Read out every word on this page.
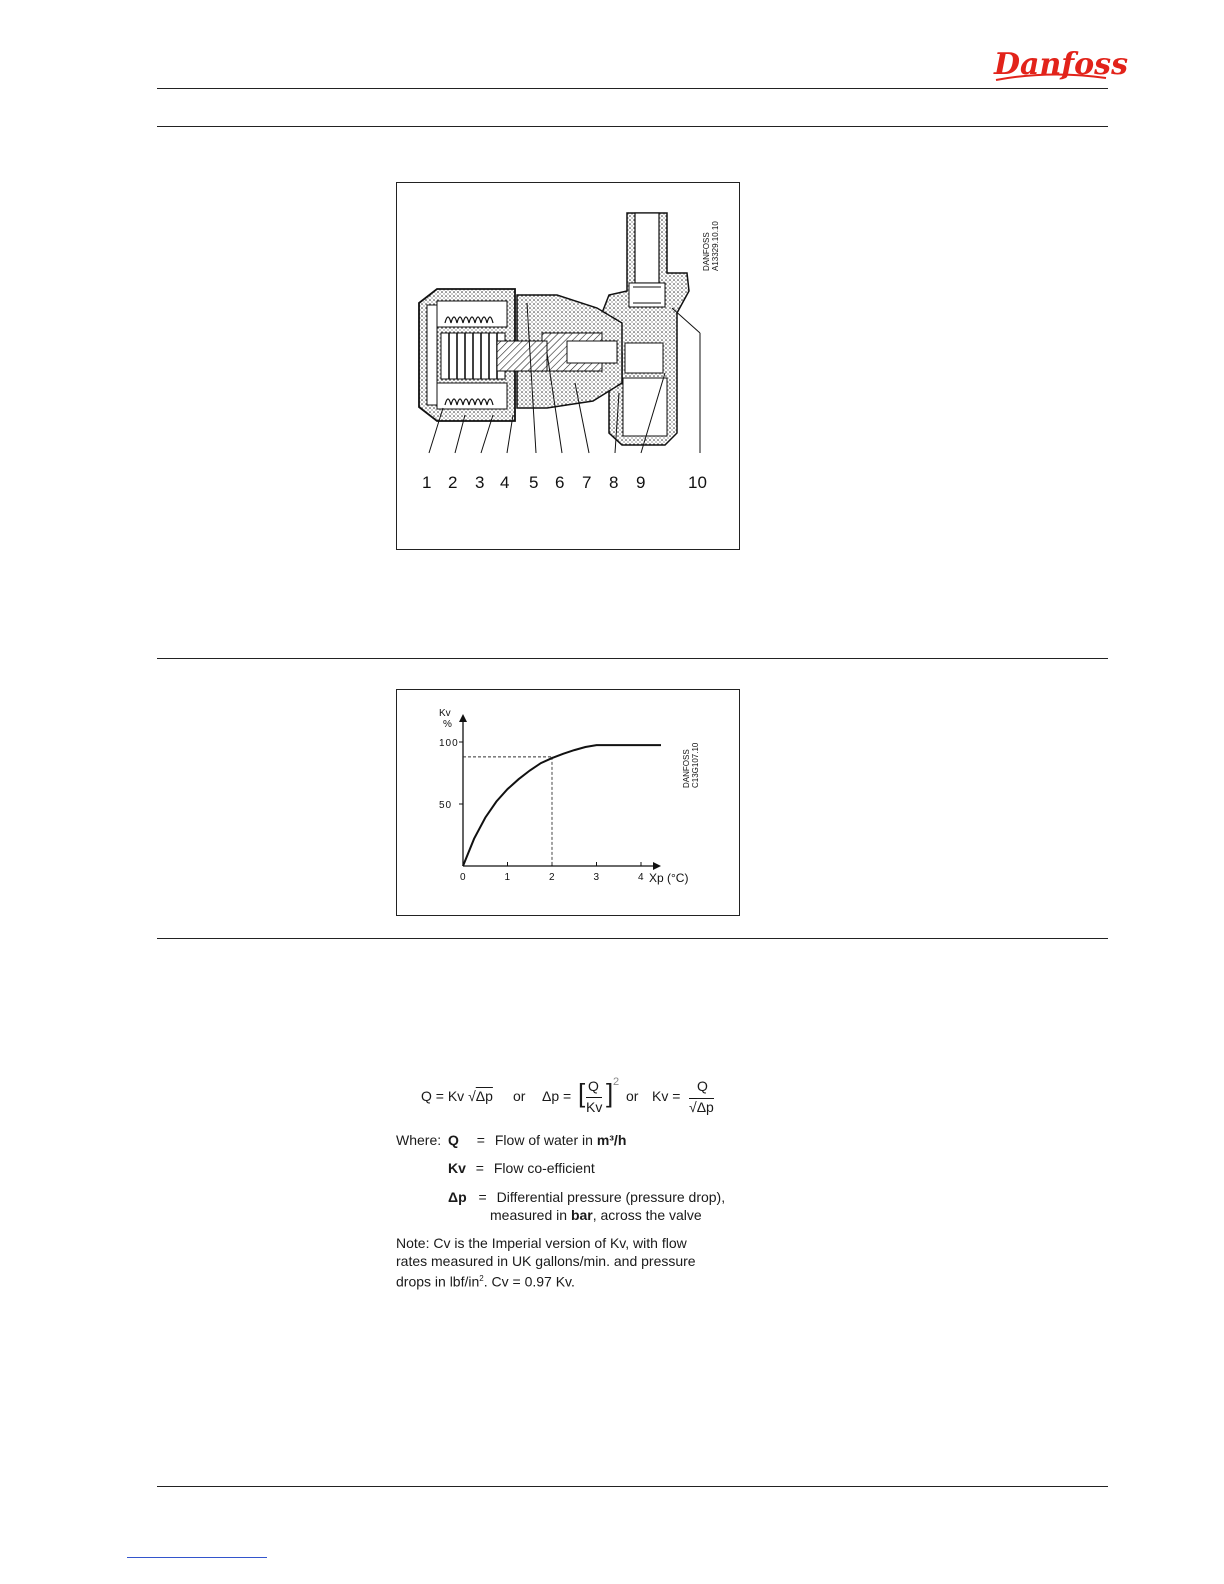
Danfoss
1 2 3 4 5 6 7 8 9	10
DANFOSS A13329.10.10
Kv
%
Xp (°C)
0	1	2	3	4
50
100
DANFOSS C13G107.10
Q = Kv √Δp or Δp = [ Q
Kv ] 2
or Kv =
Q
√Δp
Where: Q = Flow of water in m³/h
Kv = Flow co-efficient
Δp = Differential pressure (pressure drop),
measured in bar, across the valve
Note: Cv is the Imperial version of Kv, with flow
rates measured in UK gallons/min. and pressure
drops in lbf/$in^2$. Cv = 0.97 Kv.
